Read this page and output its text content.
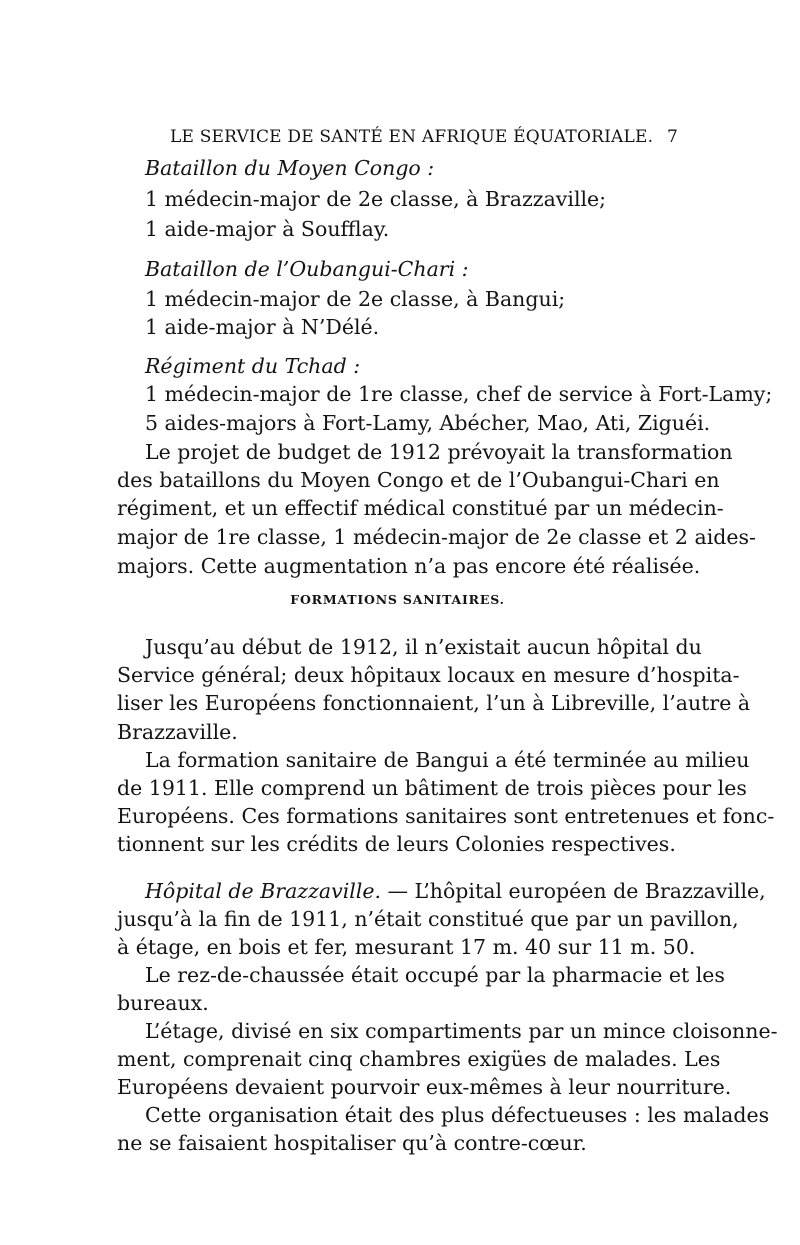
LE SERVICE DE SANTÉ EN AFRIQUE ÉQUATORIALE. 7
Bataillon du Moyen Congo :
1 médecin-major de 2e classe, à Brazzaville;
1 aide-major à Soufflay.
Bataillon de l’Oubangui-Chari :
1 médecin-major de 2e classe, à Bangui;
1 aide-major à N’Délé.
Régiment du Tchad :
1 médecin-major de 1re classe, chef de service à Fort-Lamy;
5 aides-majors à Fort-Lamy, Abécher, Mao, Ati, Ziguéi.
Le projet de budget de 1912 prévoyait la transformation
des bataillons du Moyen Congo et de l’Oubangui-Chari en
régiment, et un effectif médical constitué par un médecin-
major de 1re classe, 1 médecin-major de 2e classe et 2 aides-
majors. Cette augmentation n’a pas encore été réalisée.
FORMATIONS SANITAIRES.
Jusqu’au début de 1912, il n’existait aucun hôpital du
Service général; deux hôpitaux locaux en mesure d’hospita-
liser les Européens fonctionnaient, l’un à Libreville, l’autre à
Brazzaville.
La formation sanitaire de Bangui a été terminée au milieu
de 1911. Elle comprend un bâtiment de trois pièces pour les
Européens. Ces formations sanitaires sont entretenues et fonc-
tionnent sur les crédits de leurs Colonies respectives.
jusqu’à la fin de 1911, n’était constitué que par un pavillon,
à étage, en bois et fer, mesurant 17 m. 40 sur 11 m. 50.
Le rez-de-chaussée était occupé par la pharmacie et les
bureaux.
L’étage, divisé en six compartiments par un mince cloisonne-
ment, comprenait cinq chambres exigües de malades. Les
Européens devaient pourvoir eux-mêmes à leur nourriture.
Cette organisation était des plus défectueuses : les malades
ne se faisaient hospitaliser qu’à contre-cœur.
Hôpital de Brazzaville. — L’hôpital européen de Brazzaville,
